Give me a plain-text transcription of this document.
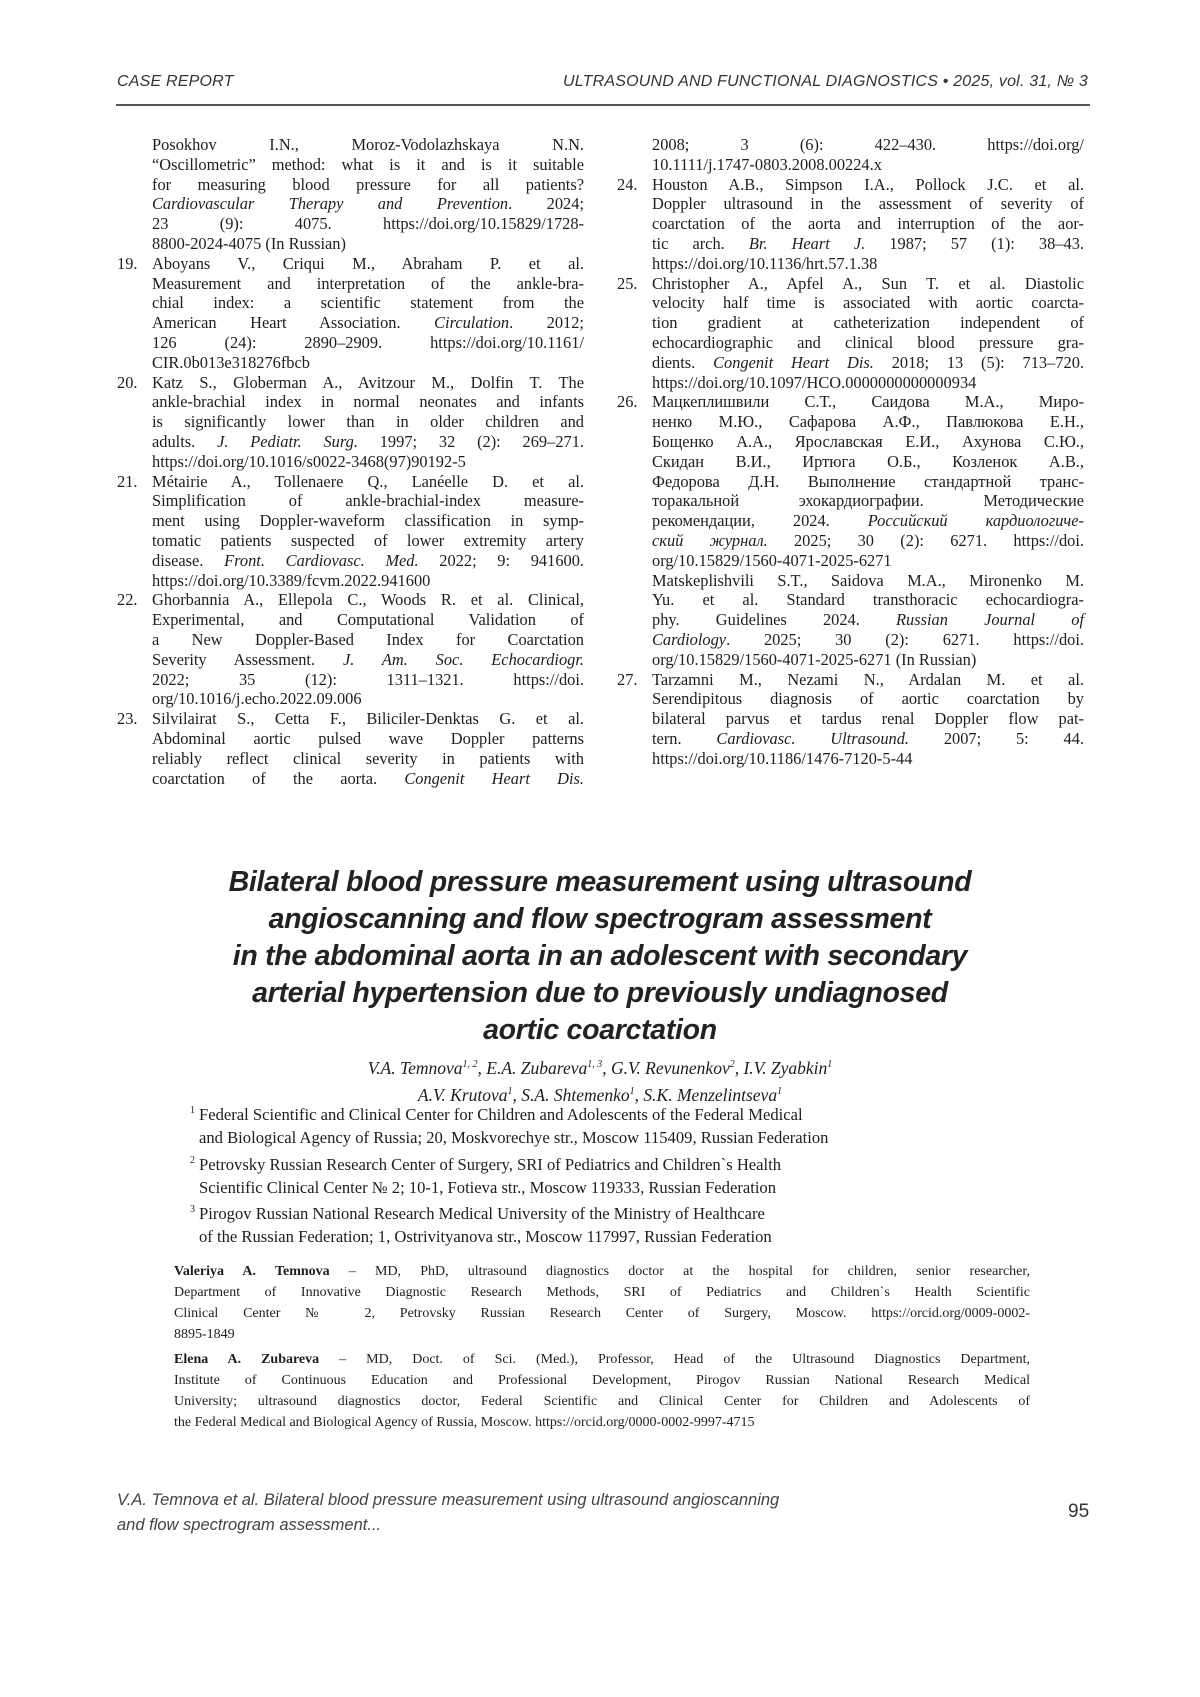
CASE REPORT	ULTRASOUND AND FUNCTIONAL DIAGNOSTICS • 2025, vol. 31, № 3
Posokhov I.N., Moroz-Vodolazhskaya N.N.
“Oscillometric” method: what is it and is it suitable
for measuring blood pressure for all patients?
Cardiovascular Therapy and Prevention. 2024;
23 (9): 4075. https://doi.org/10.15829/1728-
8800-2024-4075 (In Russian)
19. Aboyans V., Criqui M., Abraham P. et al.
Measurement and interpretation of the ankle-bra-
chial index: a scientific statement from the
American Heart Association. Circulation. 2012;
126 (24): 2890–2909. https://doi.org/10.1161/
CIR.0b013e318276fbcb
20. Katz S., Globerman A., Avitzour M., Dolfin T. The
ankle-brachial index in normal neonates and infants
is significantly lower than in older children and
adults. J. Pediatr. Surg. 1997; 32 (2): 269–271.
https://doi.org/10.1016/s0022-3468(97)90192-5
21. Métairie A., Tollenaere Q., Lanéelle D. et al.
Simplification of ankle-brachial-index measure-
ment using Doppler-waveform classification in symp-
tomatic patients suspected of lower extremity artery
disease. Front. Cardiovasc. Med. 2022; 9: 941600.
https://doi.org/10.3389/fcvm.2022.941600
22. Ghorbannia A., Ellepola C., Woods R. et al. Clinical,
Experimental, and Computational Validation of
a New Doppler-Based Index for Coarctation
Severity Assessment. J. Am. Soc. Echocardiogr.
2022; 35 (12): 1311–1321. https://doi.
org/10.1016/j.echo.2022.09.006
23. Silvilairat S., Cetta F., Biliciler-Denktas G. et al.
Abdominal aortic pulsed wave Doppler patterns
reliably reflect clinical severity in patients with
coarctation of the aorta. Congenit Heart Dis.
2008; 3 (6): 422–430. https://doi.org/
10.1111/j.1747-0803.2008.00224.x
24. Houston A.B., Simpson I.A., Pollock J.C. et al.
Doppler ultrasound in the assessment of severity of
coarctation of the aorta and interruption of the aor-
tic arch. Br. Heart J. 1987; 57 (1): 38–43.
https://doi.org/10.1136/hrt.57.1.38
25. Christopher A., Apfel A., Sun T. et al. Diastolic
velocity half time is associated with aortic coarcta-
tion gradient at catheterization independent of
echocardiographic and clinical blood pressure gra-
dients. Congenit Heart Dis. 2018; 13 (5): 713–720.
https://doi.org/10.1097/HCO.0000000000000934
26. Мацкеплишвили С.Т., Саидова М.А., Миро-
ненко М.Ю., Сафарова А.Ф., Павлюкова Е.Н.,
Бощенко А.А., Ярославская Е.И., Ахунова С.Ю.,
Скидан В.И., Иртюга О.Б., Козленок А.В.,
Федорова Д.Н. Выполнение стандартной транс-
торакальной эхокардиографии. Методические
рекомендации, 2024. Российский кардиологиче-
ский журнал. 2025; 30 (2): 6271. https://doi.
org/10.15829/1560-4071-2025-6271
Matskeplishvili S.T., Saidova M.A., Mironenko M.
Yu. et al. Standard transthoracic echocardiogra-
phy. Guidelines 2024. Russian Journal of
Cardiology. 2025; 30 (2): 6271. https://doi.
org/10.15829/1560-4071-2025-6271 (In Russian)
27. Tarzamni M., Nezami N., Ardalan M. et al.
Serendipitous diagnosis of aortic coarctation by
bilateral parvus et tardus renal Doppler flow pat-
tern. Cardiovasc. Ultrasound. 2007; 5: 44.
https://doi.org/10.1186/1476-7120-5-44
Bilateral blood pressure measurement using ultrasound
angioscanning and flow spectrogram assessment
in the abdominal aorta in an adolescent with secondary
arterial hypertension due to previously undiagnosed
aortic coarctation
V.A. Temnova1, 2 , E.A. Zubareva1, 3 , G.V. Revunenkov2 , I.V. Zyabkin1
A.V. Krutova1 , S.A. Shtemenko1 , S.K. Menzelintseva1
1 Federal Scientific and Clinical Center for Children and Adolescents of the Federal Medical
and Biological Agency of Russia; 20, Moskvorechye str., Moscow 115409, Russian Federation
2 Petrovsky Russian Research Center of Surgery, SRI of Pediatrics and Children`s Health
Scientific Clinical Center № 2; 10-1, Fotieva str., Moscow 119333, Russian Federation
3 Pirogov Russian National Research Medical University of the Ministry of Healthcare
of the Russian Federation; 1, Ostrivityanova str., Moscow 117997, Russian Federation
Valeriya A. Temnova – MD, PhD, ultrasound diagnostics doctor at the hospital for children, senior researcher,
Department of Innovative Diagnostic Research Methods, SRI of Pediatrics and Children`s Health Scientific
Clinical Center № 2, Petrovsky Russian Research Center of Surgery, Moscow. https://orcid.org/0009-0002-
8895-1849
Elena A. Zubareva – MD, Doct. of Sci. (Med.), Professor, Head of the Ultrasound Diagnostics Department,
Institute of Continuous Education and Professional Development, Pirogov Russian National Research Medical
University; ultrasound diagnostics doctor, Federal Scientific and Clinical Center for Children and Adolescents of
the Federal Medical and Biological Agency of Russia, Moscow. https://orcid.org/0000-0002-9997-4715
V.A. Temnova et al. Bilateral blood pressure measurement using ultrasound angioscanning
and flow spectrogram assessment...
95
